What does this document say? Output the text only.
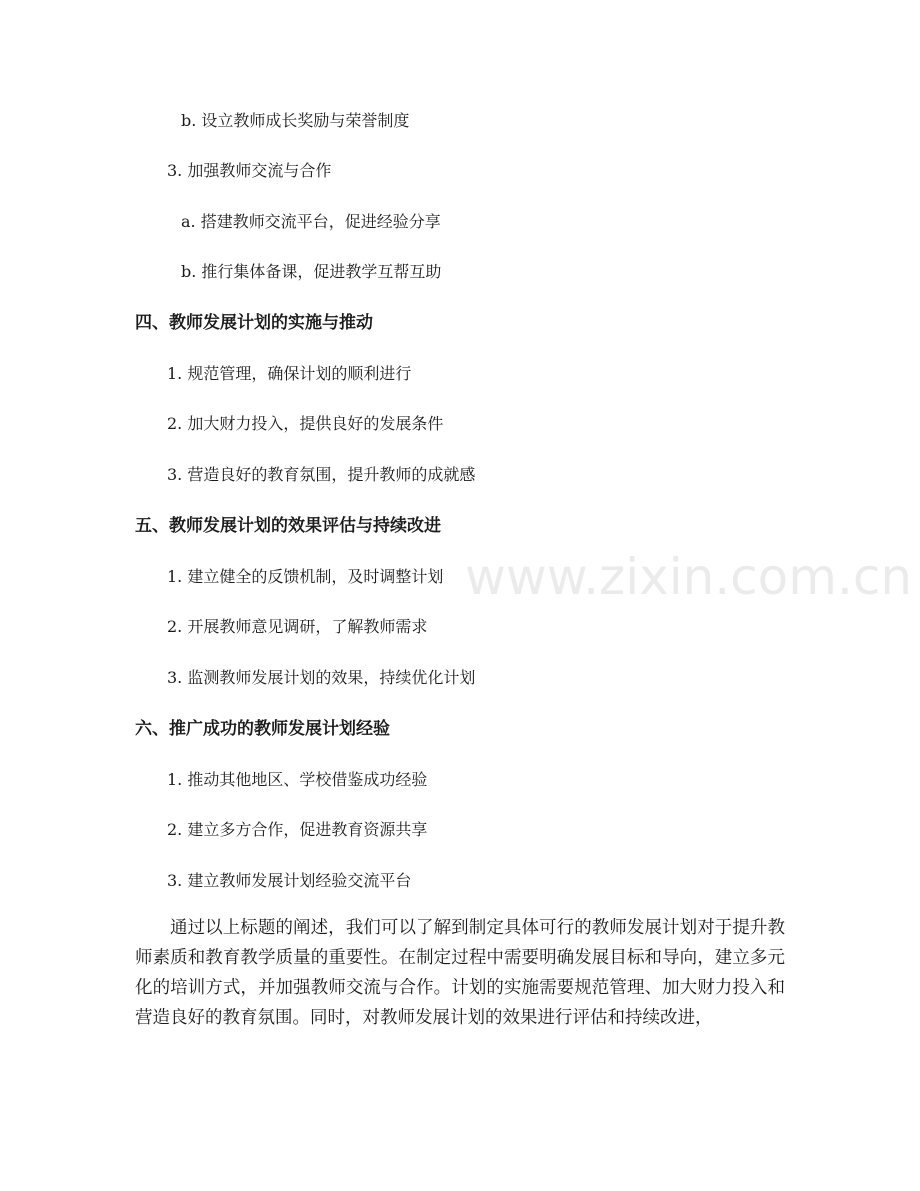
www.zixin.com.cn
b. 设立教师成长奖励与荣誉制度
3. 加强教师交流与合作
a. 搭建教师交流平台，促进经验分享
b. 推行集体备课，促进教学互帮互助
四、教师发展计划的实施与推动
1. 规范管理，确保计划的顺利进行
2. 加大财力投入，提供良好的发展条件
3. 营造良好的教育氛围，提升教师的成就感
五、教师发展计划的效果评估与持续改进
1. 建立健全的反馈机制，及时调整计划
2. 开展教师意见调研，了解教师需求
3. 监测教师发展计划的效果，持续优化计划
六、推广成功的教师发展计划经验
1. 推动其他地区、学校借鉴成功经验
2. 建立多方合作，促进教育资源共享
3. 建立教师发展计划经验交流平台
通过以上标题的阐述，我们可以了解到制定具体可行的教师发展计划对于提升教师素质和教育教学质量的重要性。在制定过程中需要明确发展目标和导向，建立多元化的培训方式，并加强教师交流与合作。计划的实施需要规范管理、加大财力投入和营造良好的教育氛围。同时，对教师发展计划的效果进行评估和持续改进，
